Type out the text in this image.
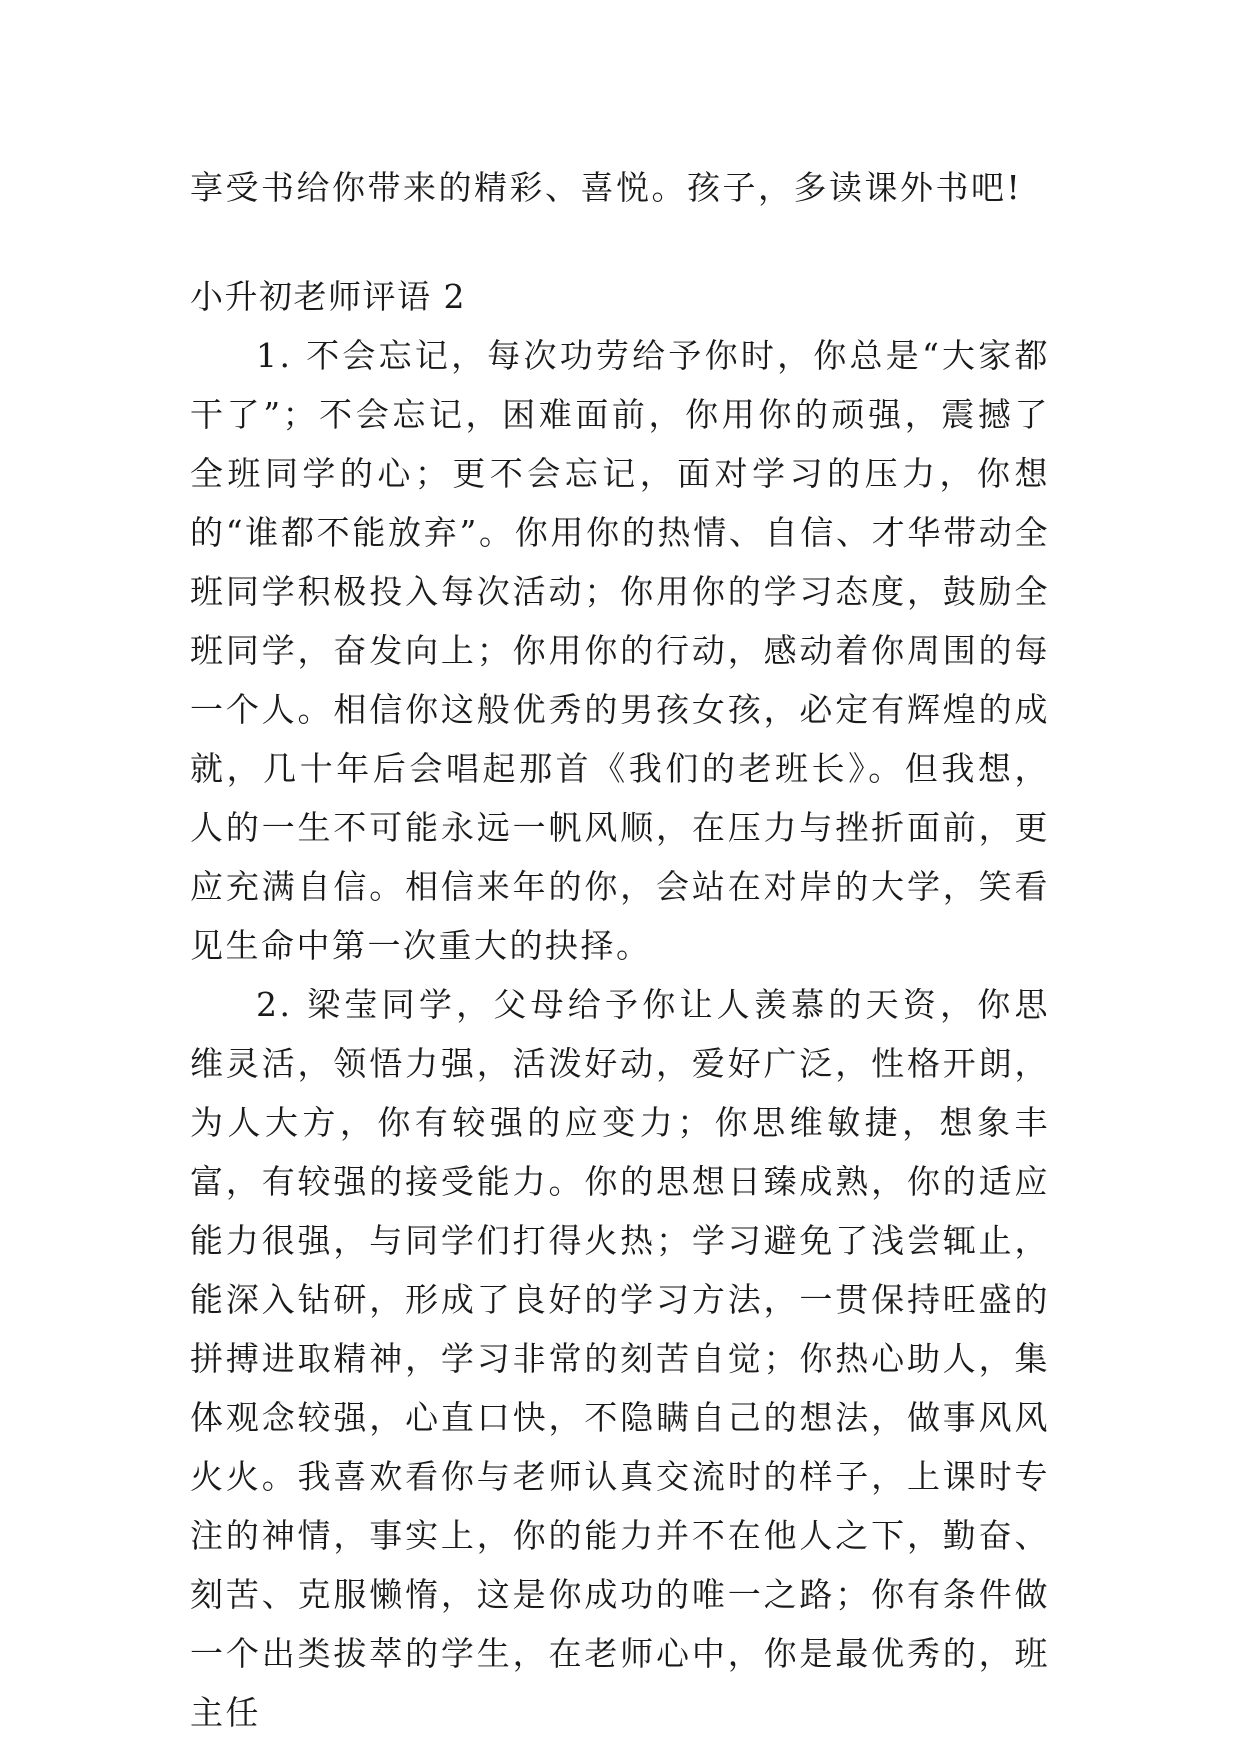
享受书给你带来的精彩、喜悦。孩子，多读课外书吧!

小升初老师评语 2

1. 不会忘记，每次功劳给予你时，你总是“大家都干了”；不会忘记，困难面前，你用你的顽强，震撼了全班同学的心；更不会忘记，面对学习的压力，你想的“谁都不能放弃”。你用你的热情、自信、才华带动全班同学积极投入每次活动；你用你的学习态度，鼓励全班同学，奋发向上；你用你的行动，感动着你周围的每一个人。相信你这般优秀的男孩女孩，必定有辉煌的成就，几十年后会唱起那首《我们的老班长》。但我想，人的一生不可能永远一帆风顺，在压力与挫折面前，更应充满自信。相信来年的你，会站在对岸的大学，笑看见生命中第一次重大的抉择。

2. 梁莹同学，父母给予你让人羡慕的天资，你思维灵活，领悟力强，活泼好动，爱好广泛，性格开朗，为人大方，你有较强的应变力；你思维敏捷，想象丰富，有较强的接受能力。你的思想日臻成熟，你的适应能力很强，与同学们打得火热；学习避免了浅尝辄止，能深入钻研，形成了良好的学习方法，一贯保持旺盛的拼搏进取精神，学习非常的刻苦自觉；你热心助人，集体观念较强，心直口快，不隐瞒自己的想法，做事风风火火。我喜欢看你与老师认真交流时的样子，上课时专注的神情，事实上，你的能力并不在他人之下，勤奋、刻苦、克服懒惰，这是你成功的唯一之路；你有条件做一个出类拔萃的学生，在老师心中，你是最优秀的，班主任
